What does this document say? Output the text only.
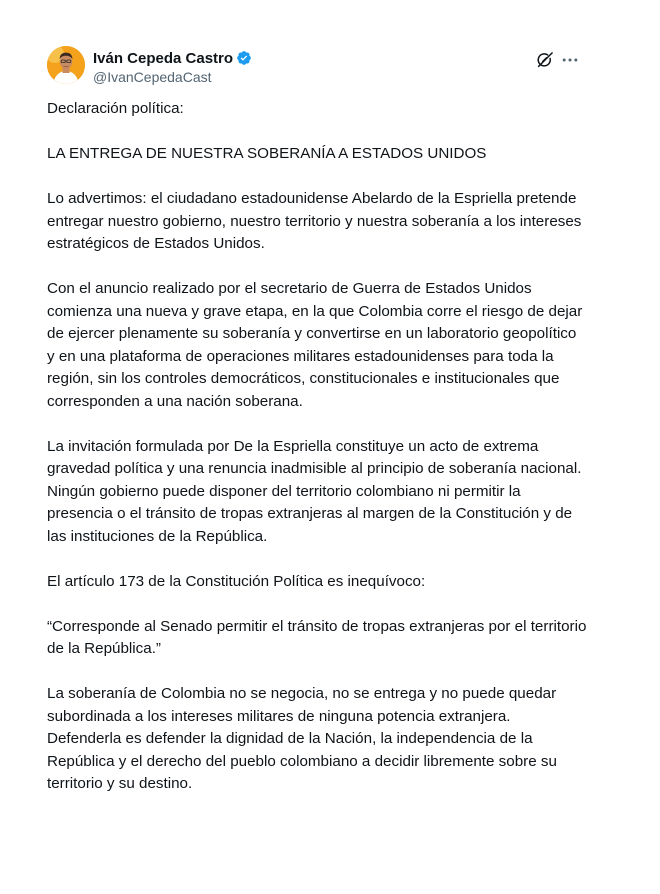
Iván Cepeda Castro
@IvanCepedaCast

Declaración política:

LA ENTREGA DE NUESTRA SOBERANÍA A ESTADOS UNIDOS

Lo advertimos: el ciudadano estadounidense Abelardo de la Espriella pretende entregar nuestro gobierno, nuestro territorio y nuestra soberanía a los intereses estratégicos de Estados Unidos.

Con el anuncio realizado por el secretario de Guerra de Estados Unidos comienza una nueva y grave etapa, en la que Colombia corre el riesgo de dejar de ejercer plenamente su soberanía y convertirse en un laboratorio geopolítico y en una plataforma de operaciones militares estadounidenses para toda la región, sin los controles democráticos, constitucionales e institucionales que corresponden a una nación soberana.

La invitación formulada por De la Espriella constituye un acto de extrema gravedad política y una renuncia inadmisible al principio de soberanía nacional. Ningún gobierno puede disponer del territorio colombiano ni permitir la presencia o el tránsito de tropas extranjeras al margen de la Constitución y de las instituciones de la República.

El artículo 173 de la Constitución Política es inequívoco:

“Corresponde al Senado permitir el tránsito de tropas extranjeras por el territorio de la República.”

La soberanía de Colombia no se negocia, no se entrega y no puede quedar subordinada a los intereses militares de ninguna potencia extranjera. Defenderla es defender la dignidad de la Nación, la independencia de la República y el derecho del pueblo colombiano a decidir libremente sobre su territorio y su destino.
